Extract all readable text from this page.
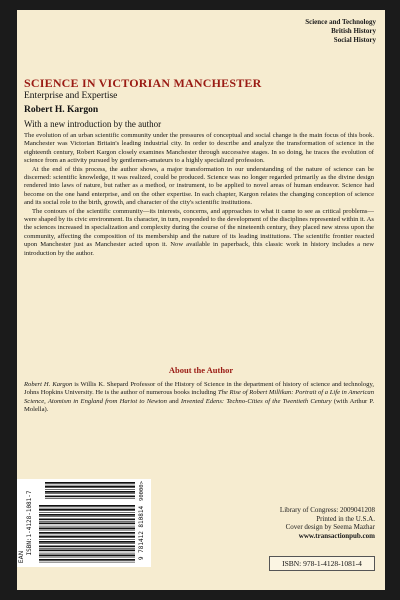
Science and Technology
British History
Social History
SCIENCE IN VICTORIAN MANCHESTER
Enterprise and Expertise
Robert H. Kargon
With a new introduction by the author

The evolution of an urban scientific community under the pressures of conceptual and social change is the main focus of this book. Manchester was Victorian Britain's leading industrial city. In order to describe and analyze the transformation of science in the eighteenth century, Robert Kargon closely examines Manchester through successive stages. In so doing, he traces the evolution of science from an activity pursued by gentlemen-amateurs to a highly specialized profession.

At the end of this process, the author shows, a major transformation in our understanding of the nature of science can be discerned: scientific knowledge, it was realized, could be produced. Science was no longer regarded primarily as the divine design rendered into laws of nature, but rather as a method, or instrument, to be applied to novel areas of human endeavor. Science had become on the one hand enterprise, and on the other expertise. In each chapter, Kargon relates the changing conception of science and its social role to the birth, growth, and character of the city's scientific institutions.

The contours of the scientific community—its interests, concerns, and approaches to what it came to see as critical problems—were shaped by its civic environment. Its character, in turn, responded to the development of the disciplines represented within it. As the sciences increased in specialization and complexity during the course of the nineteenth century, they placed new stress upon the community, affecting the composition of its membership and the nature of its leading institutions. The scientific frontier reacted upon Manchester just as Manchester acted upon it. Now available in paperback, this classic work in history includes a new introduction by the author.

About the Author
Robert H. Kargon is Willis K. Shepard Professor of the History of Science in the department of history of science and technology, Johns Hopkins University. He is the author of numerous books including The Rise of Robert Millikan: Portrait of a Life in American Science, Atomism in England from Hariot to Newton and Invented Edens: Techno-Cities of the Twentieth Century (with Arthur P. Molella).
ISBN:1-4128-1081-7
EAN	9 781412 810814
90000>
Library of Congress: 2009041208
Printed in the U.S.A.
Cover design by Seema Mazhar
www.transactionpub.com
ISBN: 978-1-4128-1081-4
